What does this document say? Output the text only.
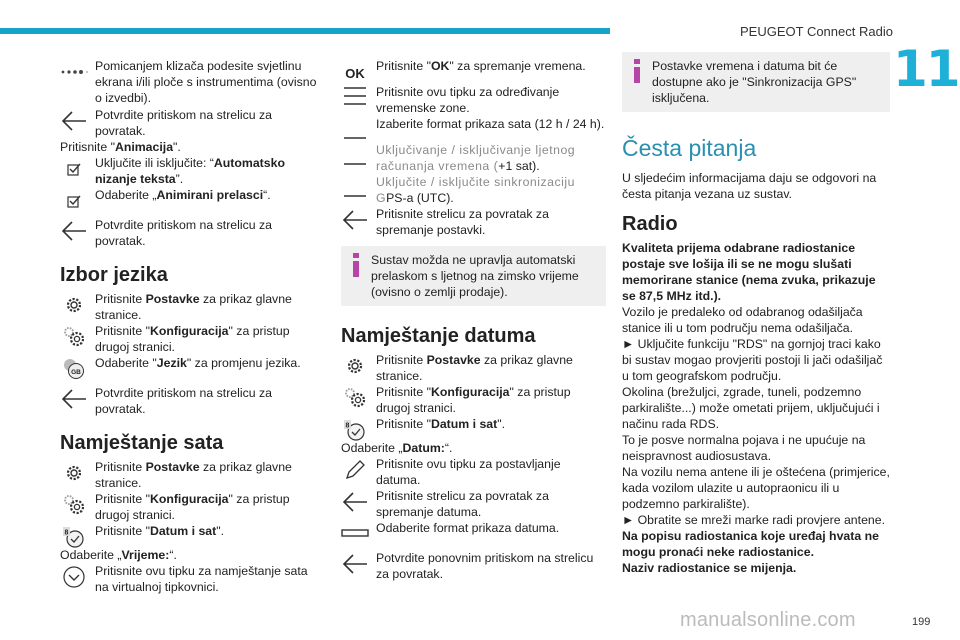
PEUGEOT Connect Radio
11
Pomicanjem klizača podesite svjetlinu ekrana i/ili ploče s instrumentima (ovisno o izvedbi).
Potvrdite pritiskom na strelicu za povratak.
Pritisnite "Animacija".
Uključite ili isključite: “Automatsko nizanje teksta”.
Odaberite „Animirani prelasci“.
Potvrdite pritiskom na strelicu za povratak.
Izbor jezika
Pritisnite Postavke za prikaz glavne stranice.
Pritisnite "Konfiguracija" za pristup drugoj stranici.
GB
Odaberite "Jezik" za promjenu jezika.
Potvrdite pritiskom na strelicu za povratak.
Namještanje sata
Pritisnite Postavke za prikaz glavne stranice.
Pritisnite "Konfiguracija" za pristup drugoj stranici.
8 Pritisnite "Datum i sat".
Odaberite „Vrijeme:“.
Pritisnite ovu tipku za namještanje sata na virtualnoj tipkovnici.
OK Pritisnite "OK" za spremanje vremena.
Pritisnite ovu tipku za određivanje vremenske zone.
Izaberite format prikaza sata (12 h / 24 h).
Uključivanje / isključivanje ljetnog računanja vremena (+1 sat).
Uključite / isključite sinkronizaciju GPS-a (UTC).
Pritisnite strelicu za povratak za spremanje postavki.
Sustav možda ne upravlja automatski prelaskom s ljetnog na zimsko vrijeme (ovisno o zemlji prodaje).
Namještanje datuma
Pritisnite Postavke za prikaz glavne stranice.
Pritisnite "Konfiguracija" za pristup drugoj stranici.
8 Pritisnite "Datum i sat".
Odaberite „Datum:“.
Pritisnite ovu tipku za postavljanje datuma.
Pritisnite strelicu za povratak za spremanje datuma.
Odaberite format prikaza datuma.
Potvrdite ponovnim pritiskom na strelicu za povratak.
Postavke vremena i datuma bit će dostupne ako je "Sinkronizacija GPS" isključena.
Česta pitanja
U sljedećim informacijama daju se odgovori na česta pitanja vezana uz sustav.
Radio
Kvaliteta prijema odabrane radiostanice postaje sve lošija ili se ne mogu slušati memorirane stanice (nema zvuka, prikazuje se 87,5 MHz itd.).
Vozilo je predaleko od odabranog odašiljača stanice ili u tom području nema odašiljača.
► Uključite funkciju "RDS" na gornjoj traci kako bi sustav mogao provjeriti postoji li jači odašiljač u tom geografskom području.
Okolina (brežuljci, zgrade, tuneli, podzemno parkiralište...) može ometati prijem, uključujući i načinu rada RDS.
To je posve normalna pojava i ne upućuje na neispravnost audiosustava.
Na vozilu nema antene ili je oštećena (primjerice, kada vozilom ulazite u autopraonicu ili u podzemno parkiralište).
► Obratite se mreži marke radi provjere antene.
Na popisu radiostanica koje uređaj hvata ne mogu pronaći neke radiostanice.
Naziv radiostanice se mijenja.
manualsonline.com	199
